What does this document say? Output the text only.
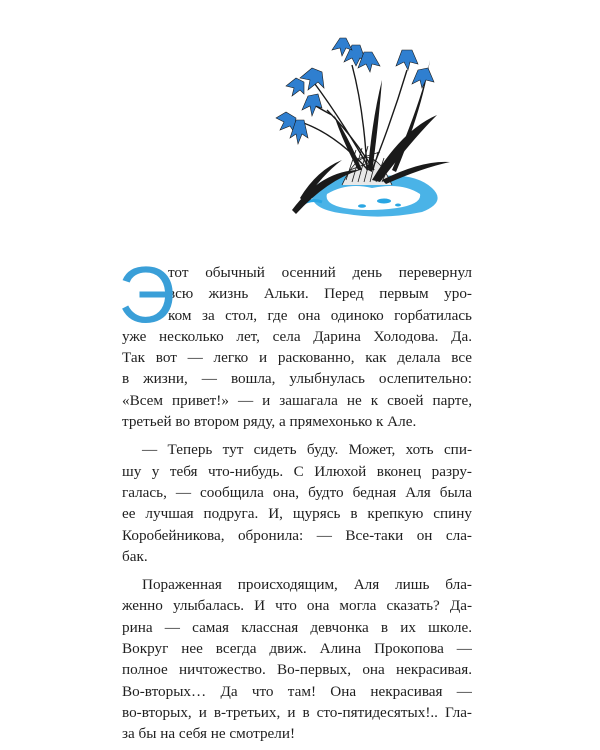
Э
тот обычный осенний день перевернул
всю жизнь Альки. Перед первым уро-
ком за стол, где она одиноко горбатилась
уже несколько лет, села Дарина Холодова. Да.
Так вот — легко и раскованно, как делала все
в жизни, — вошла, улыбнулась ослепительно:
«Всем привет!» — и зашагала не к своей парте,
третьей во втором ряду, а прямехонько к Але.
— Теперь тут сидеть буду. Может, хоть спи-
шу у тебя что-нибудь. С Илюхой вконец разру-
галась, — сообщила она, будто бедная Аля была
ее лучшая подруга. И, щурясь в крепкую спину
Коробейникова, обронила: — Все-таки он сла-
бак.
Пораженная происходящим, Аля лишь бла-
женно улыбалась. И что она могла сказать? Да-
рина — самая классная девчонка в их школе.
Вокруг нее всегда движ. Алина Прокопова —
полное ничтожество. Во-первых, она некрасивая.
Во-вторых… Да что там! Она некрасивая —
во-вторых, и в-третьих, и в сто-пятидесятых!.. Гла-
за бы на себя не смотрели!
